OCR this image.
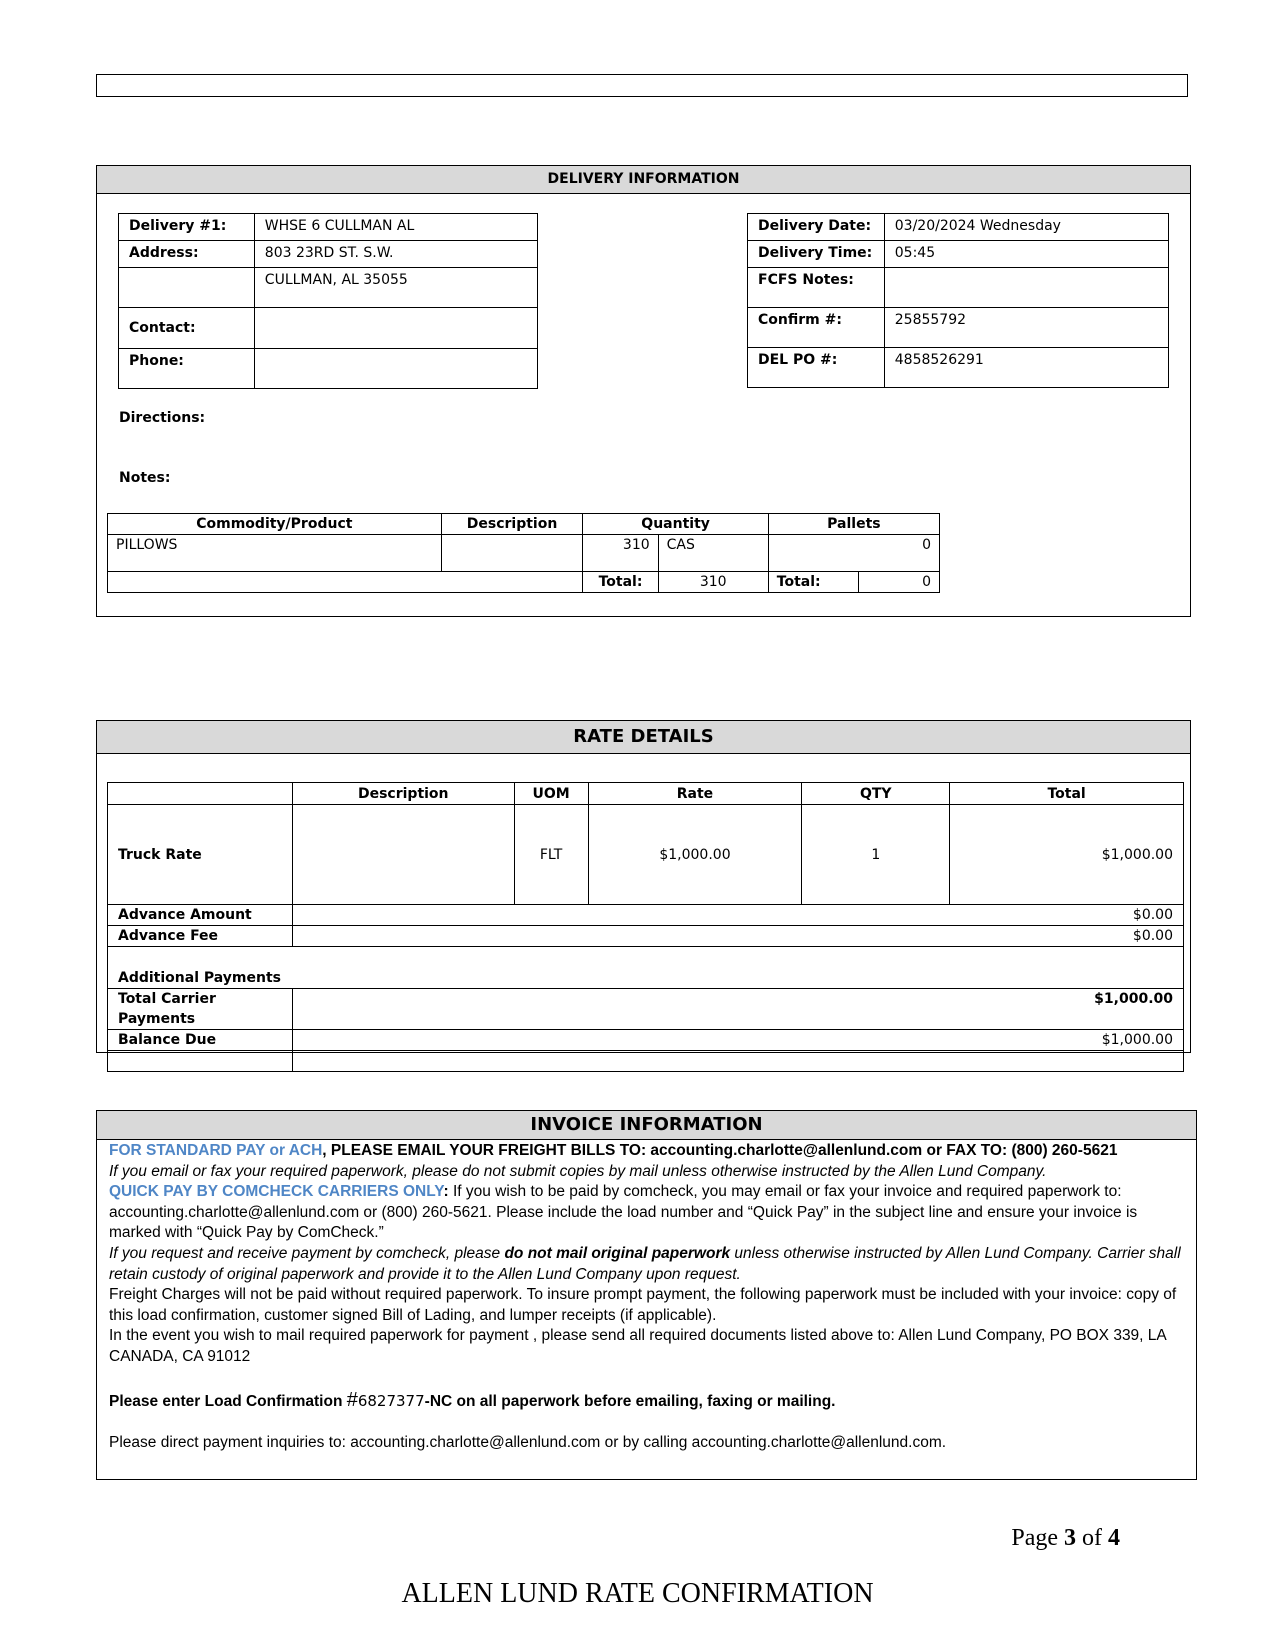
DELIVERY INFORMATION
Delivery #1:	WHSE 6 CULLMAN AL
Address:	803 23RD ST. S.W.
	CULLMAN, AL 35055
Contact:	
Phone:	
Delivery Date:	03/20/2024 Wednesday
Delivery Time:	05:45
FCFS Notes:	
Confirm #:	25855792
DEL PO #:	4858526291
Directions:
Notes:
Commodity/Product	Description	Quantity		Pallets	
PILLOWS		310	CAS	0	
		Total:	310	Total:	0
RATE DETAILS
	Description	UOM	Rate	QTY	Total
Truck Rate		FLT	$1,000.00	1	$1,000.00
Advance Amount	$0.00				
Advance Fee	$0.00				
Additional Payments					
Total Carrier Payments	$1,000.00				
Balance Due	$1,000.00				

INVOICE INFORMATION

FOR STANDARD PAY or ACH, PLEASE EMAIL YOUR FREIGHT BILLS TO: accounting.charlotte@allenlund.com or FAX TO: (800) 260-5621

If you email or fax your required paperwork, please do not submit copies by mail unless otherwise instructed by the Allen Lund Company.

QUICK PAY BY COMCHECK CARRIERS ONLY: If you wish to be paid by comcheck, you may email or fax your invoice and required paperwork to: accounting.charlotte@allenlund.com or (800) 260-5621. Please include the load number and “Quick Pay” in the subject line and ensure your invoice is marked with “Quick Pay by ComCheck.”

If you request and receive payment by comcheck, please do not mail original paperwork unless otherwise instructed by Allen Lund Company. Carrier shall retain custody of original paperwork and provide it to the Allen Lund Company upon request.

Freight Charges will not be paid without required paperwork. To insure prompt payment, the following paperwork must be included with your invoice: copy of this load confirmation, customer signed Bill of Lading, and lumper receipts (if applicable).

In the event you wish to mail required paperwork for payment , please send all required documents listed above to: Allen Lund Company, PO BOX 339, LA CANADA, CA 91012

Please enter Load Confirmation #6827377-NC on all paperwork before emailing, faxing or mailing.

Please direct payment inquiries to: accounting.charlotte@allenlund.com or by calling accounting.charlotte@allenlund.com.

Page 3 of 4
ALLEN LUND RATE CONFIRMATION
